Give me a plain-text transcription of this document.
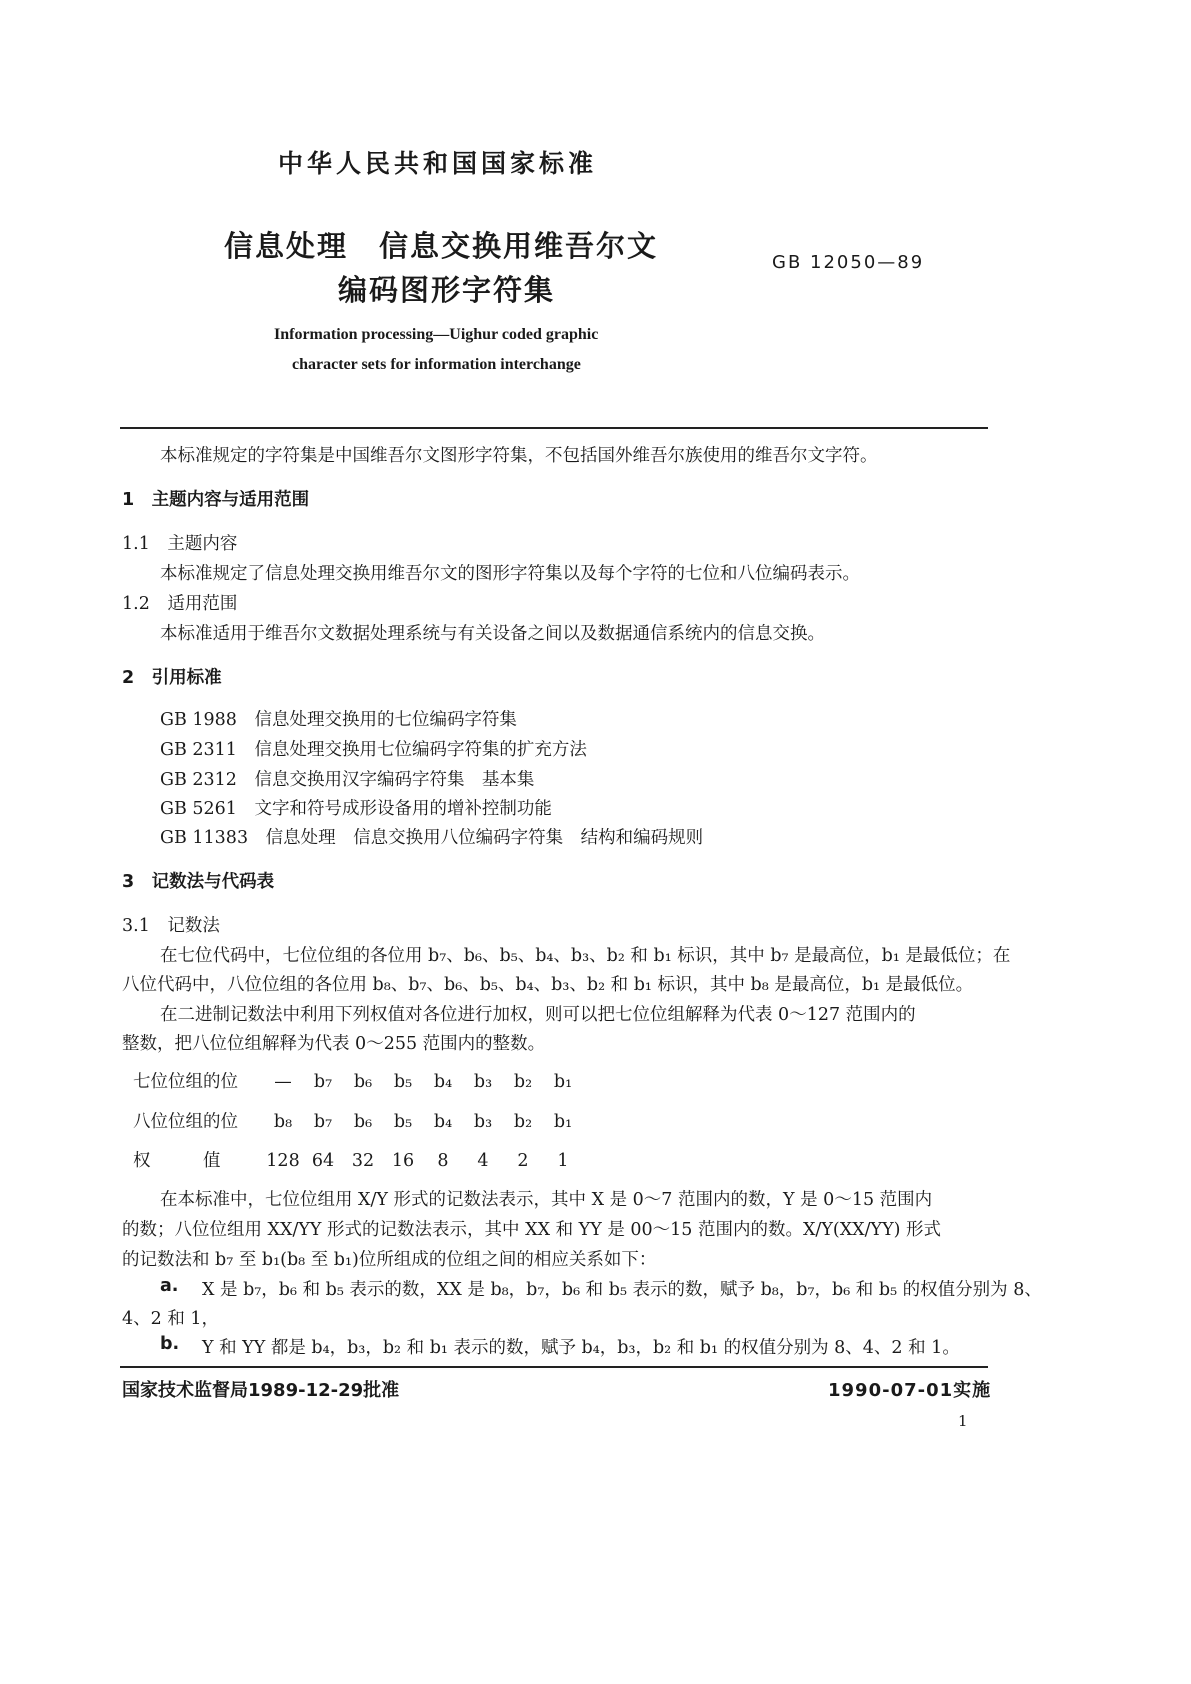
中华人民共和国国家标准
信息处理　信息交换用维吾尔文
编码图形字符集
GB 12050—89
Information processing—Uighur coded graphic
character sets for information interchange
本标准规定的字符集是中国维吾尔文图形字符集，不包括国外维吾尔族使用的维吾尔文字符。
1　主题内容与适用范围
1.1　主题内容
本标准规定了信息处理交换用维吾尔文的图形字符集以及每个字符的七位和八位编码表示。
1.2　适用范围
本标准适用于维吾尔文数据处理系统与有关设备之间以及数据通信系统内的信息交换。
2　引用标准
GB 1988　信息处理交换用的七位编码字符集
GB 2311　信息处理交换用七位编码字符集的扩充方法
GB 2312　信息交换用汉字编码字符集　基本集
GB 5261　文字和符号成形设备用的增补控制功能
GB 11383　信息处理　信息交换用八位编码字符集　结构和编码规则
3　记数法与代码表
3.1　记数法
在七位代码中，七位位组的各位用 b₇、b₆、b₅、b₄、b₃、b₂ 和 b₁ 标识，其中 b₇ 是最高位，b₁ 是最低位；在
八位代码中，八位位组的各位用 b₈、b₇、b₆、b₅、b₄、b₃、b₂ 和 b₁ 标识，其中 b₈ 是最高位，b₁ 是最低位。
在二进制记数法中利用下列权值对各位进行加权，则可以把七位位组解释为代表 0～127 范围内的
整数，把八位位组解释为代表 0～255 范围内的整数。
七位位组的位 — b₇ b₆ b₅ b₄ b₃ b₂ b₁
八位位组的位 b₈ b₇ b₆ b₅ b₄ b₃ b₂ b₁
权　　　值	128 64 32 16 8 4 2 1
在本标准中，七位位组用 X/Y 形式的记数法表示，其中 X 是 0～7 范围内的数，Y 是 0～15 范围内
的数；八位位组用 XX/YY 形式的记数法表示，其中 XX 和 YY 是 00～15 范围内的数。X/Y(XX/YY) 形式
的记数法和 b₇ 至 b₁(b₈ 至 b₁)位所组成的位组之间的相应关系如下：
a. X 是 b₇，b₆ 和 b₅ 表示的数，XX 是 b₈，b₇，b₆ 和 b₅ 表示的数，赋予 b₈，b₇，b₆ 和 b₅ 的权值分别为 8、
4、2 和 1，
b. Y 和 YY 都是 b₄，b₃，b₂ 和 b₁ 表示的数，赋予 b₄，b₃，b₂ 和 b₁ 的权值分别为 8、4、2 和 1。
国家技术监督局1989-12-29批准	1990-07-01实施
1
